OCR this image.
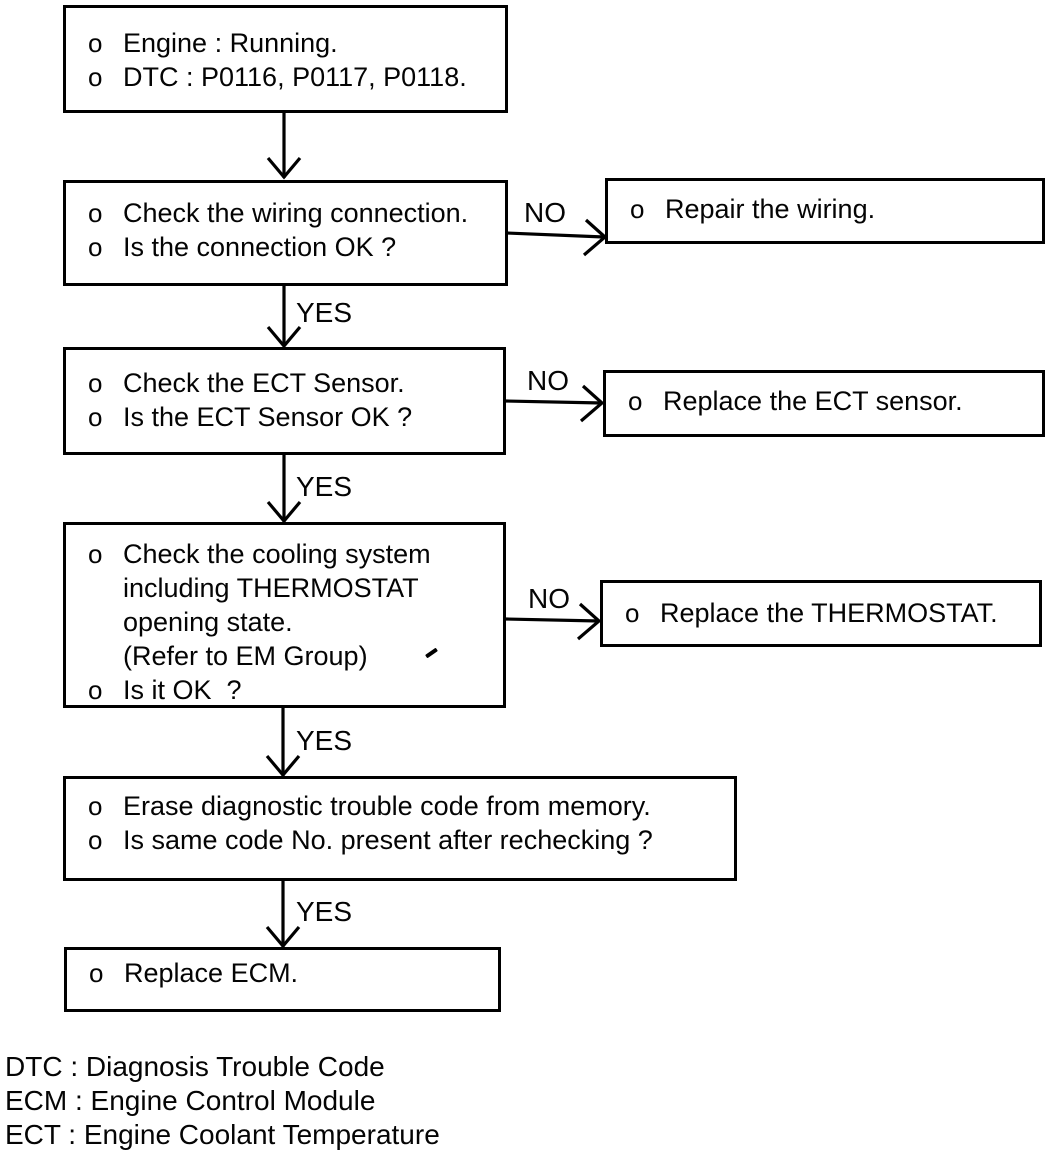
o Engine : Running.
o DTC : P0116, P0117, P0118.
o Check the wiring connection.
o Is the connection OK ?
o Repair the wiring.
o Check the ECT Sensor.
o Is the ECT Sensor OK ?
o Replace the ECT sensor.
o Check the cooling system
including THERMOSTAT
opening state.
(Refer to EM Group)
o Is it OK  ?
o Replace the THERMOSTAT.
o Erase diagnostic trouble code from memory.
o Is same code No. present after rechecking ?
o Replace ECM.
YES
YES
YES
YES
NO
NO
NO
DTC : Diagnosis Trouble Code
ECM : Engine Control Module
ECT : Engine Coolant Temperature
